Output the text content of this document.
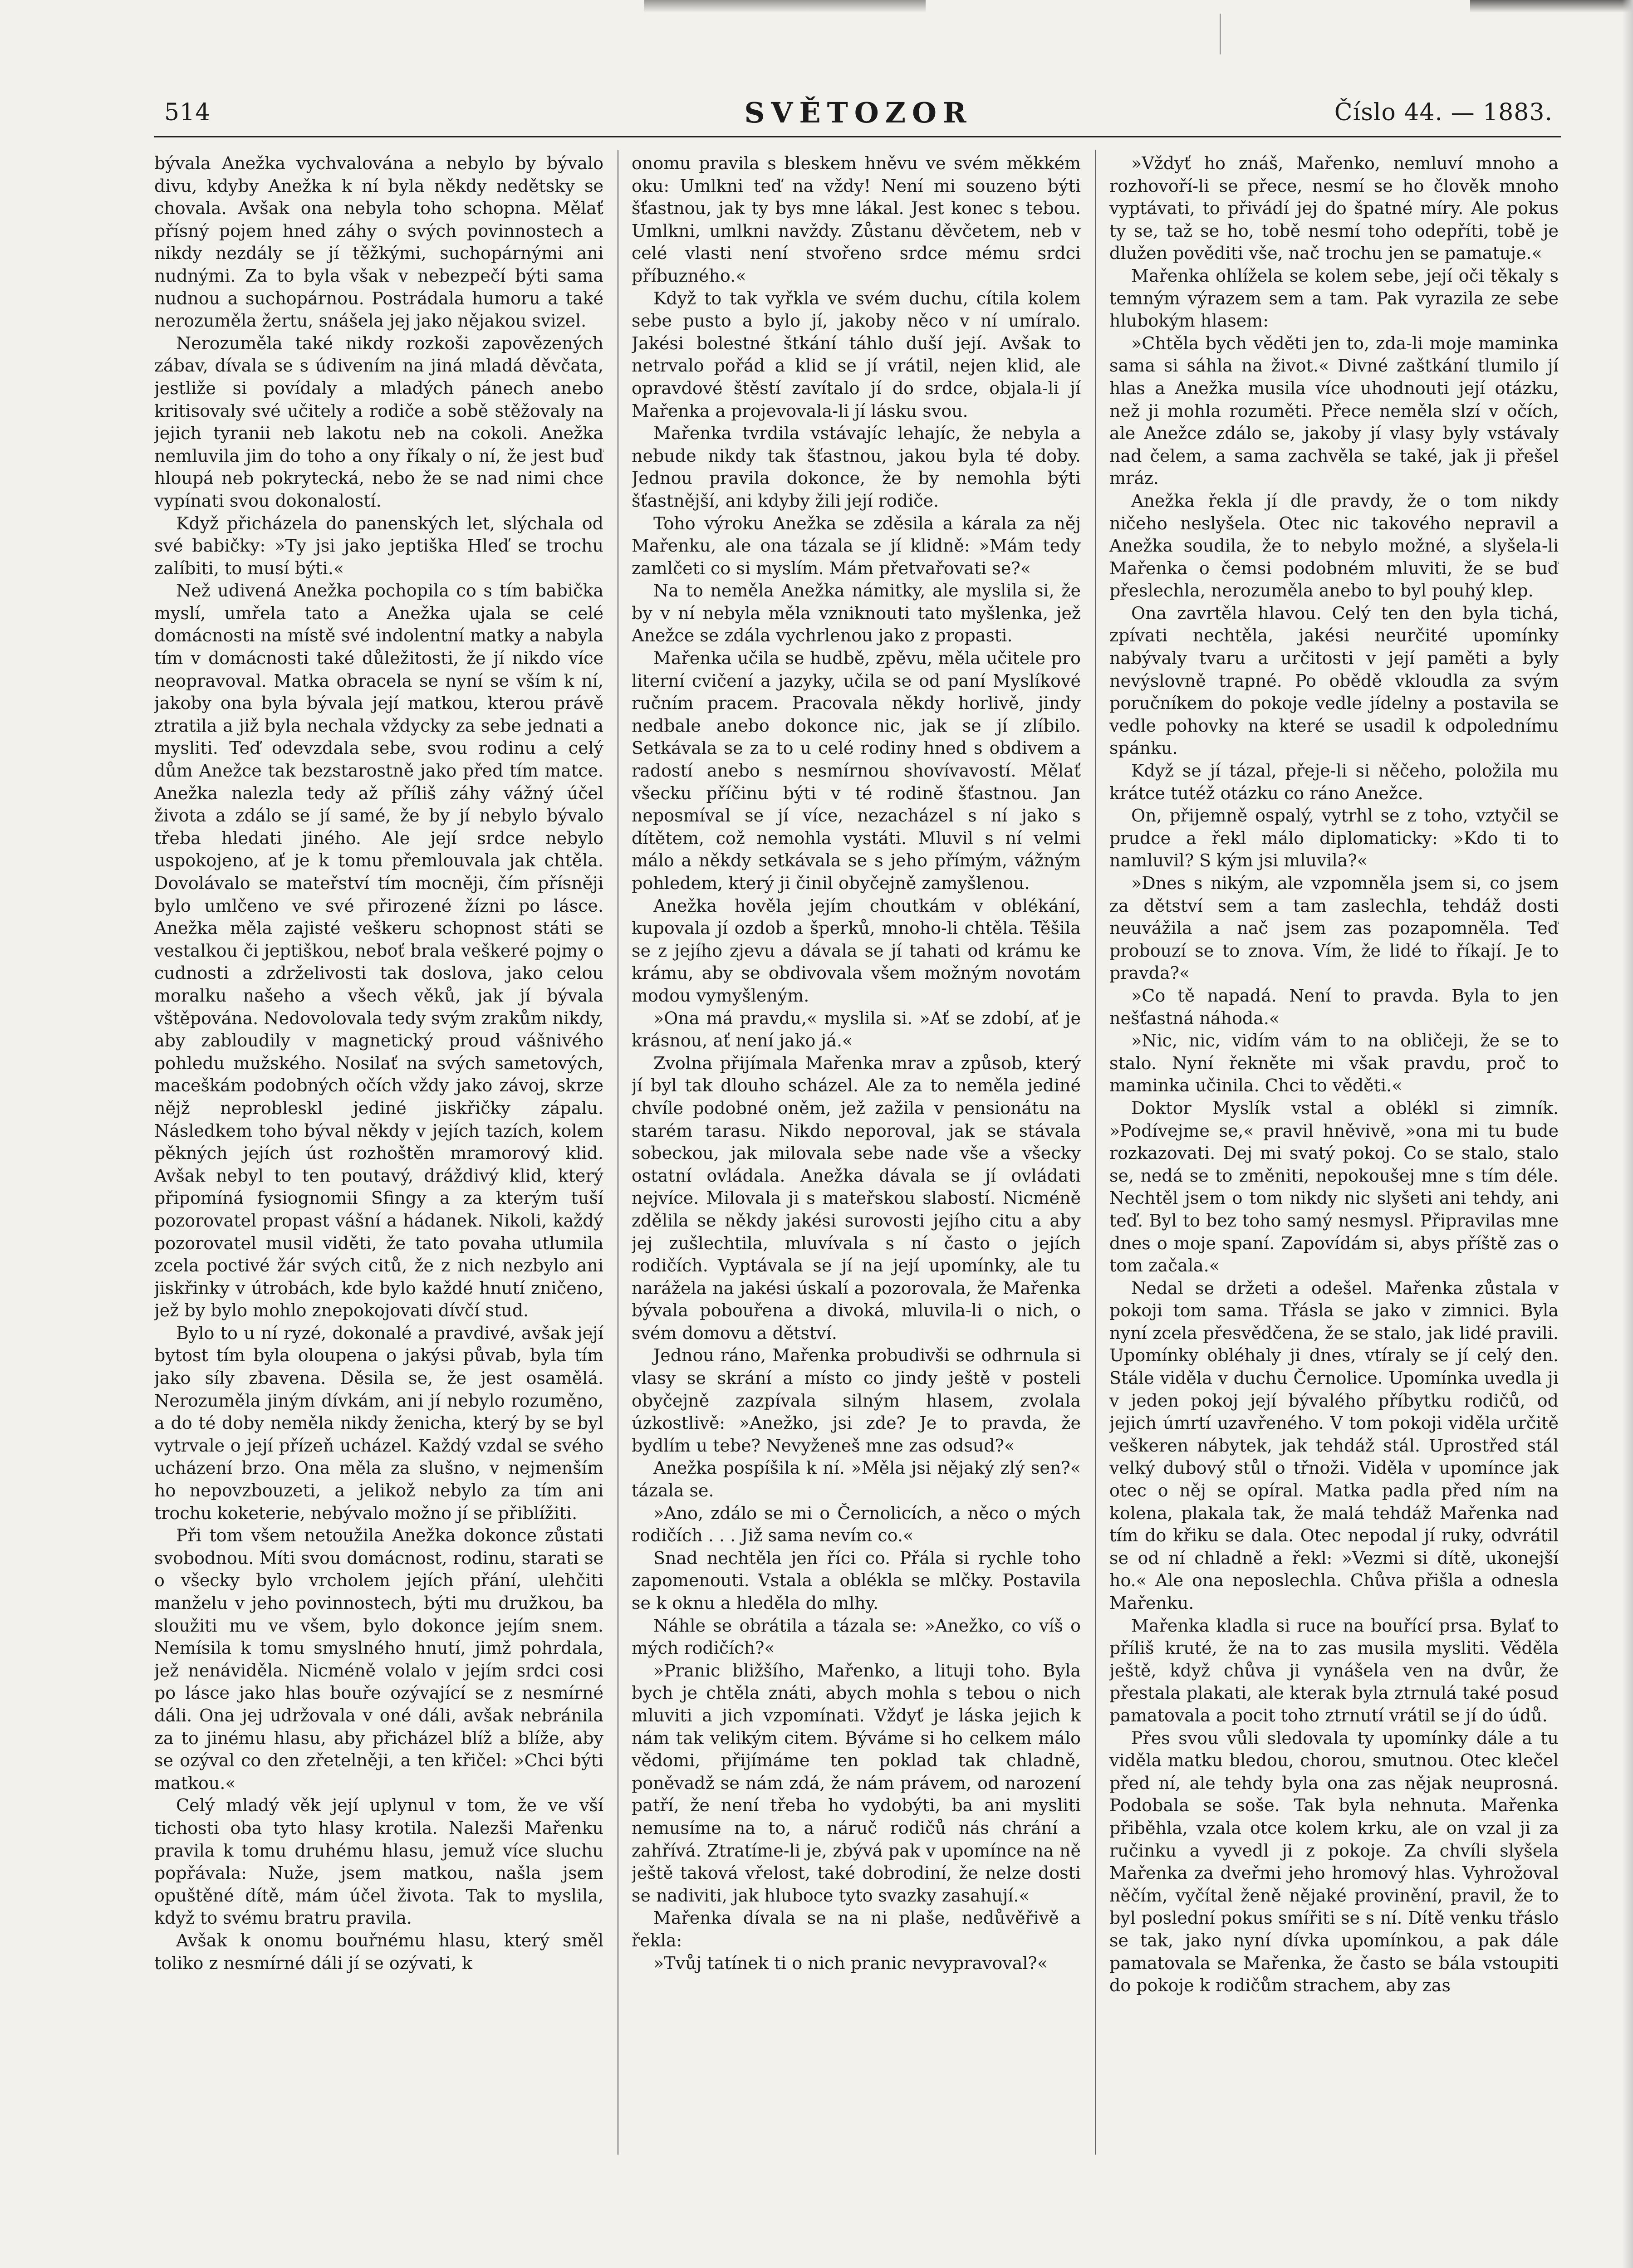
514	SVĚTOZOR	Číslo 44. — 1883.

bývala Anežka vychvalována a nebylo by bývalo divu, kdyby Anežka k ní byla někdy nedětsky se chovala. Avšak ona nebyla toho schopna. Mělať přísný pojem hned záhy o svých povinnostech a nikdy nezdály se jí těžkými, suchopárnými ani nudnými. Za to byla však v nebezpečí býti sama nudnou a suchopárnou. Postrádala humoru a také nerozuměla žertu, snášela jej jako nějakou svizel.

Nerozuměla také nikdy rozkoši zapovězených zábav, dívala se s údivením na jiná mladá děvčata, jestliže si povídaly a mladých pánech anebo kritisovaly své učitely a rodiče a sobě stěžovaly na jejich tyranii neb lakotu neb na cokoli. Anežka nemluvila jim do toho a ony říkaly o ní, že jest buď hloupá neb pokrytecká, nebo že se nad nimi chce vypínati svou dokonalostí.

Když přicházela do panenských let, slýchala od své babičky: »Ty jsi jako jeptiška Hleď se trochu zalíbiti, to musí býti.«

Než udivená Anežka pochopila co s tím babička myslí, umřela tato a Anežka ujala se celé domácnosti na místě své indolentní matky a nabyla tím v domácnosti také důležitosti, že jí nikdo více neopravoval. Matka obracela se nyní se vším k ní, jakoby ona byla bývala její matkou, kterou právě ztratila a již byla nechala vždycky za sebe jednati a mysliti. Teď odevzdala sebe, svou rodinu a celý dům Anežce tak bezstarostně jako před tím matce. Anežka nalezla tedy až příliš záhy vážný účel života a zdálo se jí samé, že by jí nebylo bývalo třeba hledati jiného. Ale její srdce nebylo uspokojeno, ať je k tomu přemlouvala jak chtěla. Dovolávalo se mateřství tím mocněji, čím přísněji bylo umlčeno ve své přirozené žízni po lásce. Anežka měla zajisté veškeru schopnost státi se vestalkou či jeptiškou, neboť brala veškeré pojmy o cudnosti a zdrželivosti tak doslova, jako celou moralku našeho a všech věků, jak jí bývala vštěpována. Nedovolovala tedy svým zrakům nikdy, aby zabloudily v magnetický proud vášnivého pohledu mužského. Nosilať na svých sametových, maceškám podobných očích vždy jako závoj, skrze nějž neprobleskl jediné jiskřičky zápalu. Následkem toho býval někdy v jejích tazích, kolem pěkných jejích úst rozhoštěn mramorový klid. Avšak nebyl to ten poutavý, dráždivý klid, který připomíná fysiognomii Sfingy a za kterým tuší pozorovatel propast vášní a hádanek. Nikoli, každý pozorovatel musil viděti, že tato povaha utlumila zcela poctivé žár svých citů, že z nich nezbylo ani jiskřinky v útrobách, kde bylo každé hnutí zničeno, jež by bylo mohlo znepokojovati dívčí stud.

Bylo to u ní ryzé, dokonalé a pravdivé, avšak její bytost tím byla oloupena o jakýsi půvab, byla tím jako síly zbavena. Děsila se, že jest osamělá. Nerozuměla jiným dívkám, ani jí nebylo rozuměno, a do té doby neměla nikdy ženicha, který by se byl vytrvale o její přízeň ucházel. Každý vzdal se svého ucházení brzo. Ona měla za slušno, v nejmenším ho nepovzbouzeti, a jelikož nebylo za tím ani trochu koketerie, nebývalo možno jí se přiblížiti.

Při tom všem netoužila Anežka dokonce zůstati svobodnou. Míti svou domácnost, rodinu, starati se o všecky bylo vrcholem jejích přání, ulehčiti manželu v jeho povinnostech, býti mu družkou, ba sloužiti mu ve všem, bylo dokonce jejím snem. Nemísila k tomu smyslného hnutí, jimž pohrdala, jež nenáviděla. Nicméně volalo v jejím srdci cosi po lásce jako hlas bouře ozývající se z nesmírné dáli. Ona jej udržovala v oné dáli, avšak nebránila za to jinému hlasu, aby přicházel blíž a blíže, aby se ozýval co den zřetelněji, a ten křičel: »Chci býti matkou.«

Celý mladý věk její uplynul v tom, že ve vší tichosti oba tyto hlasy krotila. Nalezši Mařenku pravila k tomu druhému hlasu, jemuž více sluchu popřávala: Nuže, jsem matkou, našla jsem opuštěné dítě, mám účel života. Tak to myslila, když to svému bratru pravila.

Avšak k onomu bouřnému hlasu, který směl toliko z nesmírné dáli jí se ozývati, k

onomu pravila s bleskem hněvu ve svém měkkém oku: Umlkni teď na vždy! Není mi souzeno býti šťastnou, jak ty bys mne lákal. Jest konec s tebou. Umlkni, umlkni navždy. Zůstanu děvčetem, neb v celé vlasti není stvořeno srdce mému srdci příbuzného.«

Když to tak vyřkla ve svém duchu, cítila kolem sebe pusto a bylo jí, jakoby něco v ní umíralo. Jakési bolestné štkání táhlo duší její. Avšak to netrvalo pořád a klid se jí vrátil, nejen klid, ale opravdové štěstí zavítalo jí do srdce, objala-li jí Mařenka a projevovala-li jí lásku svou.

Mařenka tvrdila vstávajíc lehajíc, že nebyla a nebude nikdy tak šťastnou, jakou byla té doby. Jednou pravila dokonce, že by nemohla býti šťastnější, ani kdyby žili její rodiče.

Toho výroku Anežka se zděsila a kárala za něj Mařenku, ale ona tázala se jí klidně: »Mám tedy zamlčeti co si myslím. Mám přetvařovati se?«

Na to neměla Anežka námitky, ale myslila si, že by v ní nebyla měla vzniknouti tato myšlenka, jež Anežce se zdála vychrlenou jako z propasti.

Mařenka učila se hudbě, zpěvu, měla učitele pro literní cvičení a jazyky, učila se od paní Myslíkové ručním pracem. Pracovala někdy horlivě, jindy nedbale anebo dokonce nic, jak se jí zlíbilo. Setkávala se za to u celé rodiny hned s obdivem a radostí anebo s nesmírnou shovívavostí. Mělať všecku příčinu býti v té rodině šťastnou. Jan neposmíval se jí více, nezacházel s ní jako s dítětem, což nemohla vystáti. Mluvil s ní velmi málo a někdy setkávala se s jeho přímým, vážným pohledem, který ji činil obyčejně zamyšlenou.

Anežka hověla jejím choutkám v oblékání, kupovala jí ozdob a šperků, mnoho-li chtěla. Těšila se z jejího zjevu a dávala se jí tahati od krámu ke krámu, aby se obdivovala všem možným novotám modou vymyšleným.

»Ona má pravdu,« myslila si. »Ať se zdobí, ať je krásnou, ať není jako já.«

Zvolna přijímala Mařenka mrav a způsob, který jí byl tak dlouho scházel. Ale za to neměla jediné chvíle podobné oněm, jež zažila v pensionátu na starém tarasu. Nikdo neporoval, jak se stávala sobeckou, jak milovala sebe nade vše a všecky ostatní ovládala. Anežka dávala se jí ovládati nejvíce. Milovala ji s mateřskou slabostí. Nicméně zdělila se někdy jakési surovosti jejího citu a aby jej zušlechtila, mluvívala s ní často o jejích rodičích. Vyptávala se jí na její upomínky, ale tu narážela na jakési úskalí a pozorovala, že Mařenka bývala pobouřena a divoká, mluvila-li o nich, o svém domovu a dětství.

Jednou ráno, Mařenka probudivši se odhrnula si vlasy se skrání a místo co jindy ještě v posteli obyčejně zazpívala silným hlasem, zvolala úzkostlivě: »Anežko, jsi zde? Je to pravda, že bydlím u tebe? Nevyženeš mne zas odsud?«

Anežka pospíšila k ní. »Měla jsi nějaký zlý sen?« tázala se.

»Ano, zdálo se mi o Černolicích, a něco o mých rodičích . . . Již sama nevím co.«

Snad nechtěla jen říci co. Přála si rychle toho zapomenouti. Vstala a oblékla se mlčky. Postavila se k oknu a hleděla do mlhy.

Náhle se obrátila a tázala se: »Anežko, co víš o mých rodičích?«

»Pranic bližšího, Mařenko, a lituji toho. Byla bych je chtěla znáti, abych mohla s tebou o nich mluviti a jich vzpomínati. Vždyť je láska jejich k nám tak velikým citem. Býváme si ho celkem málo vědomi, přijímáme ten poklad tak chladně, poněvadž se nám zdá, že nám právem, od narození patří, že není třeba ho vydobýti, ba ani mysliti nemusíme na to, a náruč rodičů nás chrání a zahřívá. Ztratíme-li je, zbývá pak v upomínce na ně ještě taková vřelost, také dobrodiní, že nelze dosti se nadiviti, jak hluboce tyto svazky zasahují.«

Mařenka dívala se na ni plaše, nedůvěřivě a řekla:

»Tvůj tatínek ti o nich pranic nevypravoval?«

»Vždyť ho znáš, Mařenko, nemluví mnoho a rozhovoří-li se přece, nesmí se ho člověk mnoho vyptávati, to přivádí jej do špatné míry. Ale pokus ty se, taž se ho, tobě nesmí toho odepříti, tobě je dlužen pověditi vše, nač trochu jen se pamatuje.«

Mařenka ohlížela se kolem sebe, její oči těkaly s temným výrazem sem a tam. Pak vyrazila ze sebe hlubokým hlasem:

»Chtěla bych věděti jen to, zda-li moje maminka sama si sáhla na život.« Divné zaštkání tlumilo jí hlas a Anežka musila více uhodnouti její otázku, než ji mohla rozuměti. Přece neměla slzí v očích, ale Anežce zdálo se, jakoby jí vlasy byly vstávaly nad čelem, a sama zachvěla se také, jak ji přešel mráz.

Anežka řekla jí dle pravdy, že o tom nikdy ničeho neslyšela. Otec nic takového nepravil a Anežka soudila, že to nebylo možné, a slyšela-li Mařenka o čemsi podobném mluviti, že se buď přeslechla, nerozuměla anebo to byl pouhý klep.

Ona zavrtěla hlavou. Celý ten den byla tichá, zpívati nechtěla, jakési neurčité upomínky nabývaly tvaru a určitosti v její paměti a byly nevýslovně trapné. Po obědě vkloudla za svým poručníkem do pokoje vedle jídelny a postavila se vedle pohovky na které se usadil k odpolednímu spánku.

Když se jí tázal, přeje-li si něčeho, položila mu krátce tutéž otázku co ráno Anežce.

On, přijemně ospalý, vytrhl se z toho, vztyčil se prudce a řekl málo diplomaticky: »Kdo ti to namluvil? S kým jsi mluvila?«

»Dnes s nikým, ale vzpomněla jsem si, co jsem za dětství sem a tam zaslechla, tehdáž dosti neuvážila a nač jsem zas pozapomněla. Teď probouzí se to znova. Vím, že lidé to říkají. Je to pravda?«

»Co tě napadá. Není to pravda. Byla to jen nešťastná náhoda.«

»Nic, nic, vidím vám to na obličeji, že se to stalo. Nyní řekněte mi však pravdu, proč to maminka učinila. Chci to věděti.«

Doktor Myslík vstal a oblékl si zimník. »Podívejme se,« pravil hněvivě, »ona mi tu bude rozkazovati. Dej mi svatý pokoj. Co se stalo, stalo se, nedá se to změniti, nepokoušej mne s tím déle. Nechtěl jsem o tom nikdy nic slyšeti ani tehdy, ani teď. Byl to bez toho samý nesmysl. Připravilas mne dnes o moje spaní. Zapovídám si, abys příště zas o tom začala.«

Nedal se držeti a odešel. Mařenka zůstala v pokoji tom sama. Třásla se jako v zimnici. Byla nyní zcela přesvědčena, že se stalo, jak lidé pravili. Upomínky obléhaly ji dnes, vtíraly se jí celý den. Stále viděla v duchu Černolice. Upomínka uvedla ji v jeden pokoj její bývalého příbytku rodičů, od jejich úmrtí uzavřeného. V tom pokoji viděla určitě veškeren nábytek, jak tehdáž stál. Uprostřed stál velký dubový stůl o třnoži. Viděla v upomínce jak otec o něj se opíral. Matka padla před ním na kolena, plakala tak, že malá tehdáž Mařenka nad tím do křiku se dala. Otec nepodal jí ruky, odvrátil se od ní chladně a řekl: »Vezmi si dítě, ukonejší ho.« Ale ona neposlechla. Chůva přišla a odnesla Mařenku.

Mařenka kladla si ruce na bouřící prsa. Bylať to příliš kruté, že na to zas musila mysliti. Věděla ještě, když chůva ji vynášela ven na dvůr, že přestala plakati, ale kterak byla ztrnulá také posud pamatovala a pocit toho ztrnutí vrátil se jí do údů.

Přes svou vůli sledovala ty upomínky dále a tu viděla matku bledou, chorou, smutnou. Otec klečel před ní, ale tehdy byla ona zas nějak neuprosná. Podobala se soše. Tak byla nehnuta. Mařenka přiběhla, vzala otce kolem krku, ale on vzal ji za ručinku a vyvedl ji z pokoje. Za chvíli slyšela Mařenka za dveřmi jeho hromový hlas. Vyhrožoval něčím, vyčítal ženě nějaké provinění, pravil, že to byl poslední pokus smířiti se s ní. Dítě venku třáslo se tak, jako nyní dívka upomínkou, a pak dále pamatovala se Mařenka, že často se bála vstoupiti do pokoje k rodičům strachem, aby zas
